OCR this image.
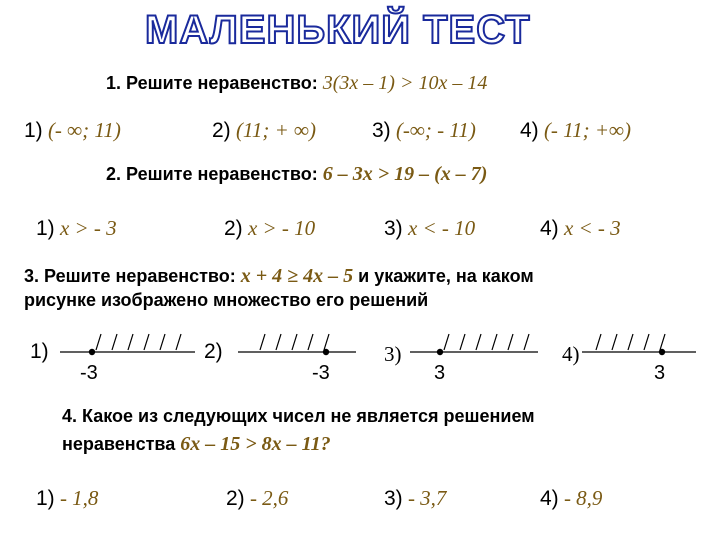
МАЛЕНЬКИЙ ТЕСТ
1. Решите неравенство: 3(3x – 1) > 10x – 14
1) (- ∞; 11)	2) (11; + ∞)	3) (-∞; - 11) 4) (- 11; +∞)
2. Решите неравенство: 6 – 3x > 19 – (x – 7)
1) x > - 3	2) x > - 10	3) x < - 10	4) x < - 3
3. Решите неравенство: x + 4 ≥ 4x – 5 и укажите, на каком
рисунке изображено множество его решений
1)
-3
2)
-3
3)
3
4)
3
4. Какое из следующих чисел не является решением
неравенства 6x – 15 > 8x – 11?
1) - 1,8	2) - 2,6	3) - 3,7	4) - 8,9
